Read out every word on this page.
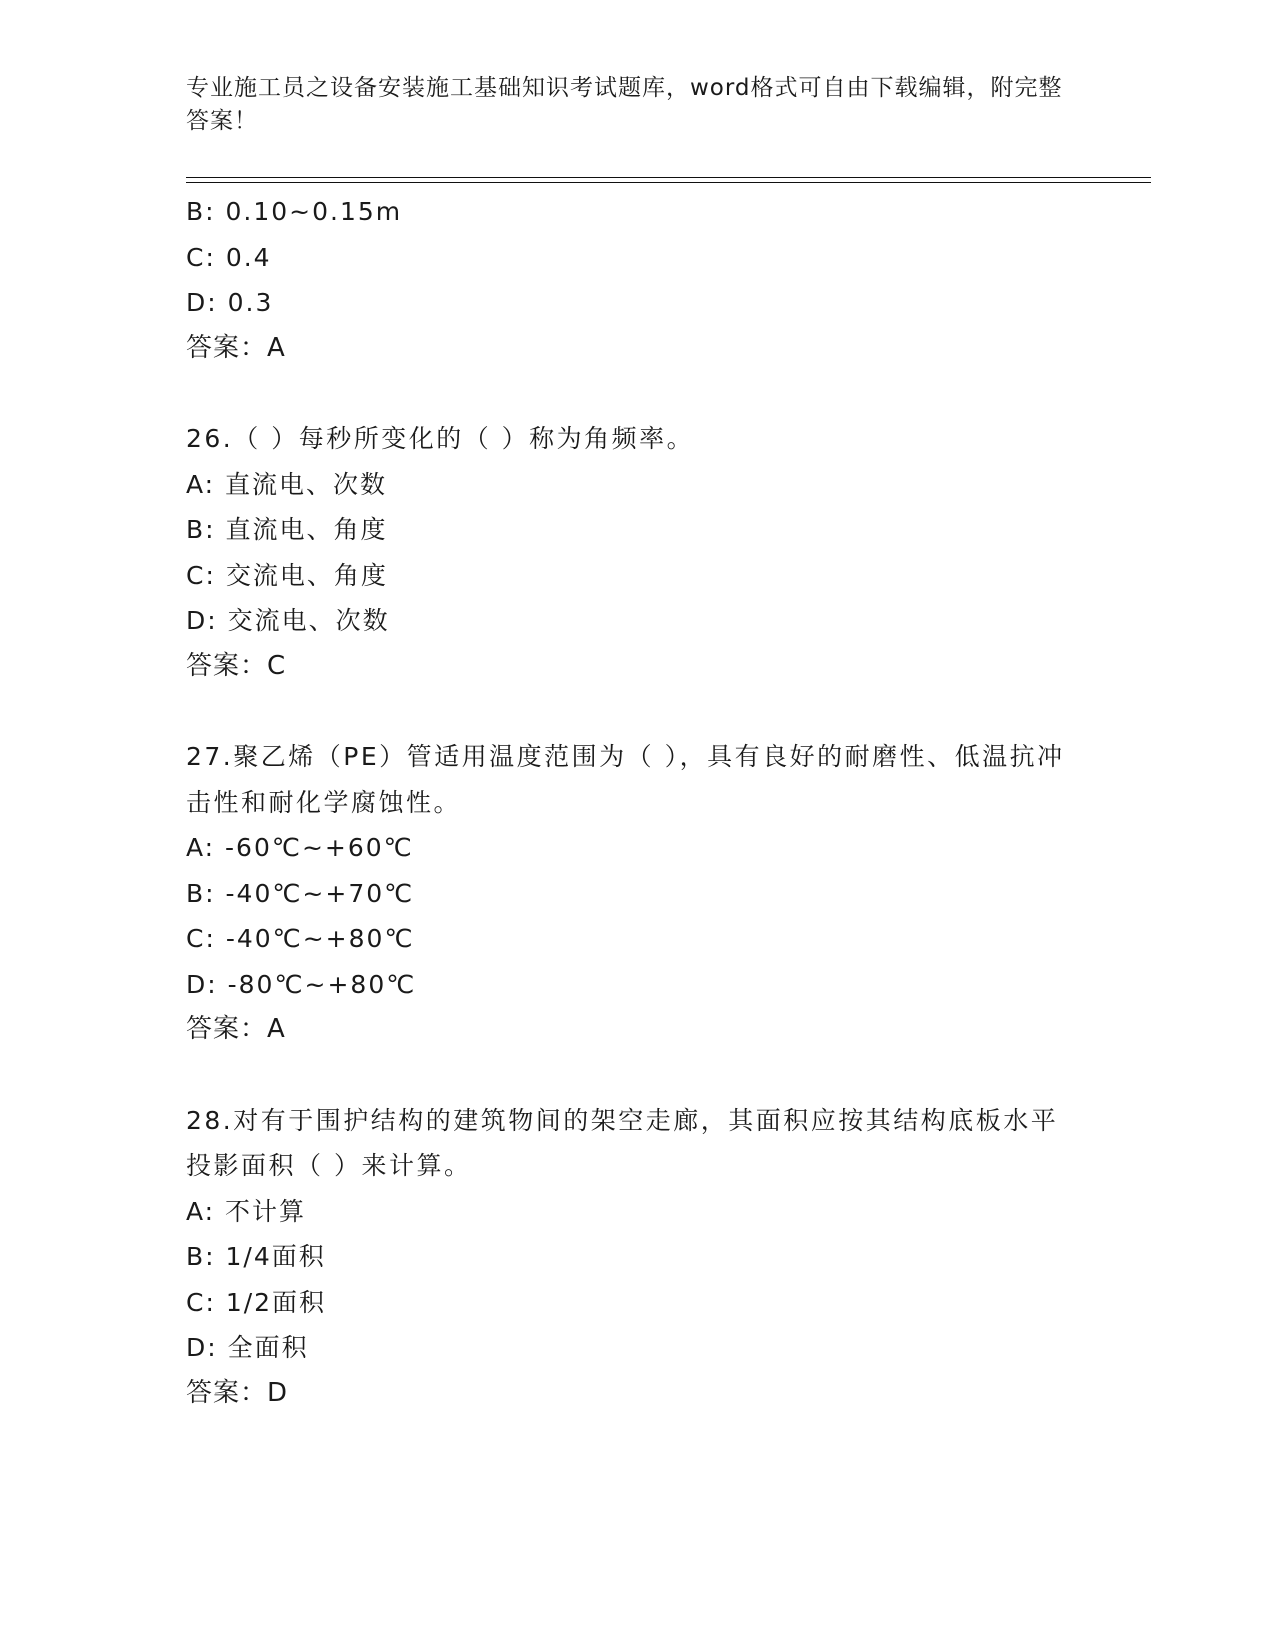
专业施工员之设备安装施工基础知识考试题库，word格式可自由下载编辑，附完整答案！
B: 0.10~0.15m
C: 0.4
D: 0.3
答案：A
26.（ ）每秒所变化的（ ）称为角频率。
A: 直流电、次数
B: 直流电、角度
C: 交流电、角度
D: 交流电、次数
答案：C
27.聚乙烯（PE）管适用温度范围为（ ），具有良好的耐磨性、低温抗冲击性和耐化学腐蚀性。
A: -60℃~+60℃
B: -40℃~+70℃
C: -40℃~+80℃
D: -80℃~+80℃
答案：A
28.对有于围护结构的建筑物间的架空走廊，其面积应按其结构底板水平投影面积（ ）来计算。
A: 不计算
B: 1/4面积
C: 1/2面积
D: 全面积
答案：D
